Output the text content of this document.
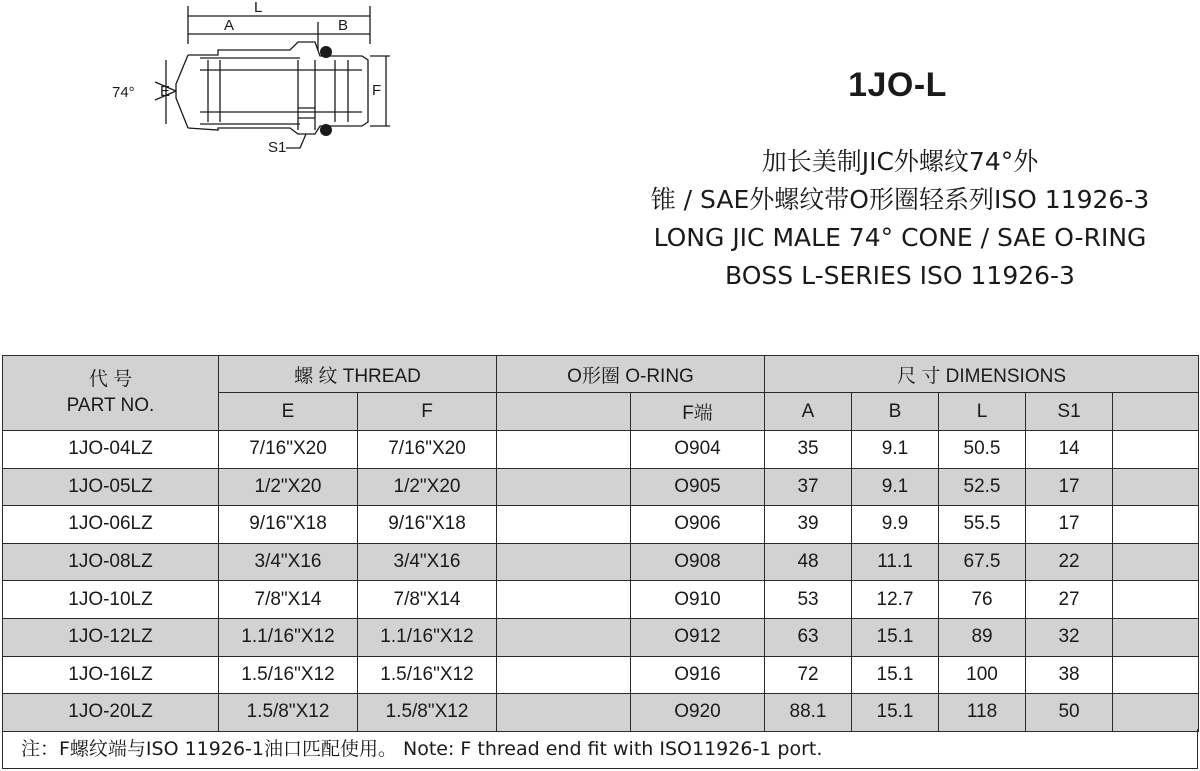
L
A	B
74° E	F
S1
1JO-L
加长美制JIC外螺纹74°外
锥 / SAE外螺纹带O形圈轻系列ISO 11926-3
LONG JIC MALE 74° CONE / SAE O-RING
BOSS L-SERIES ISO 11926-3
代 号
PART NO.	螺 纹 THREAD		O形圈 O-RING		尺 寸 DIMENSIONS				
	E	F		F端	A	B	L	S1	
1JO-04LZ	7/16"X20	7/16"X20		O904	35	9.1	50.5	14	
1JO-05LZ	1/2"X20	1/2"X20		O905	37	9.1	52.5	17	
1JO-06LZ	9/16"X18	9/16"X18		O906	39	9.9	55.5	17	
1JO-08LZ	3/4"X16	3/4"X16		O908	48	11.1	67.5	22	
1JO-10LZ	7/8"X14	7/8"X14		O910	53	12.7	76	27	
1JO-12LZ	1.1/16"X12	1.1/16"X12		O912	63	15.1	89	32	
1JO-16LZ	1.5/16"X12	1.5/16"X12		O916	72	15.1	100	38	
1JO-20LZ	1.5/8"X12	1.5/8"X12		O920	88.1	15.1	118	50	
注：F螺纹端与ISO 11926-1油口匹配使用。 Note: F thread end fit with ISO11926-1 port.
